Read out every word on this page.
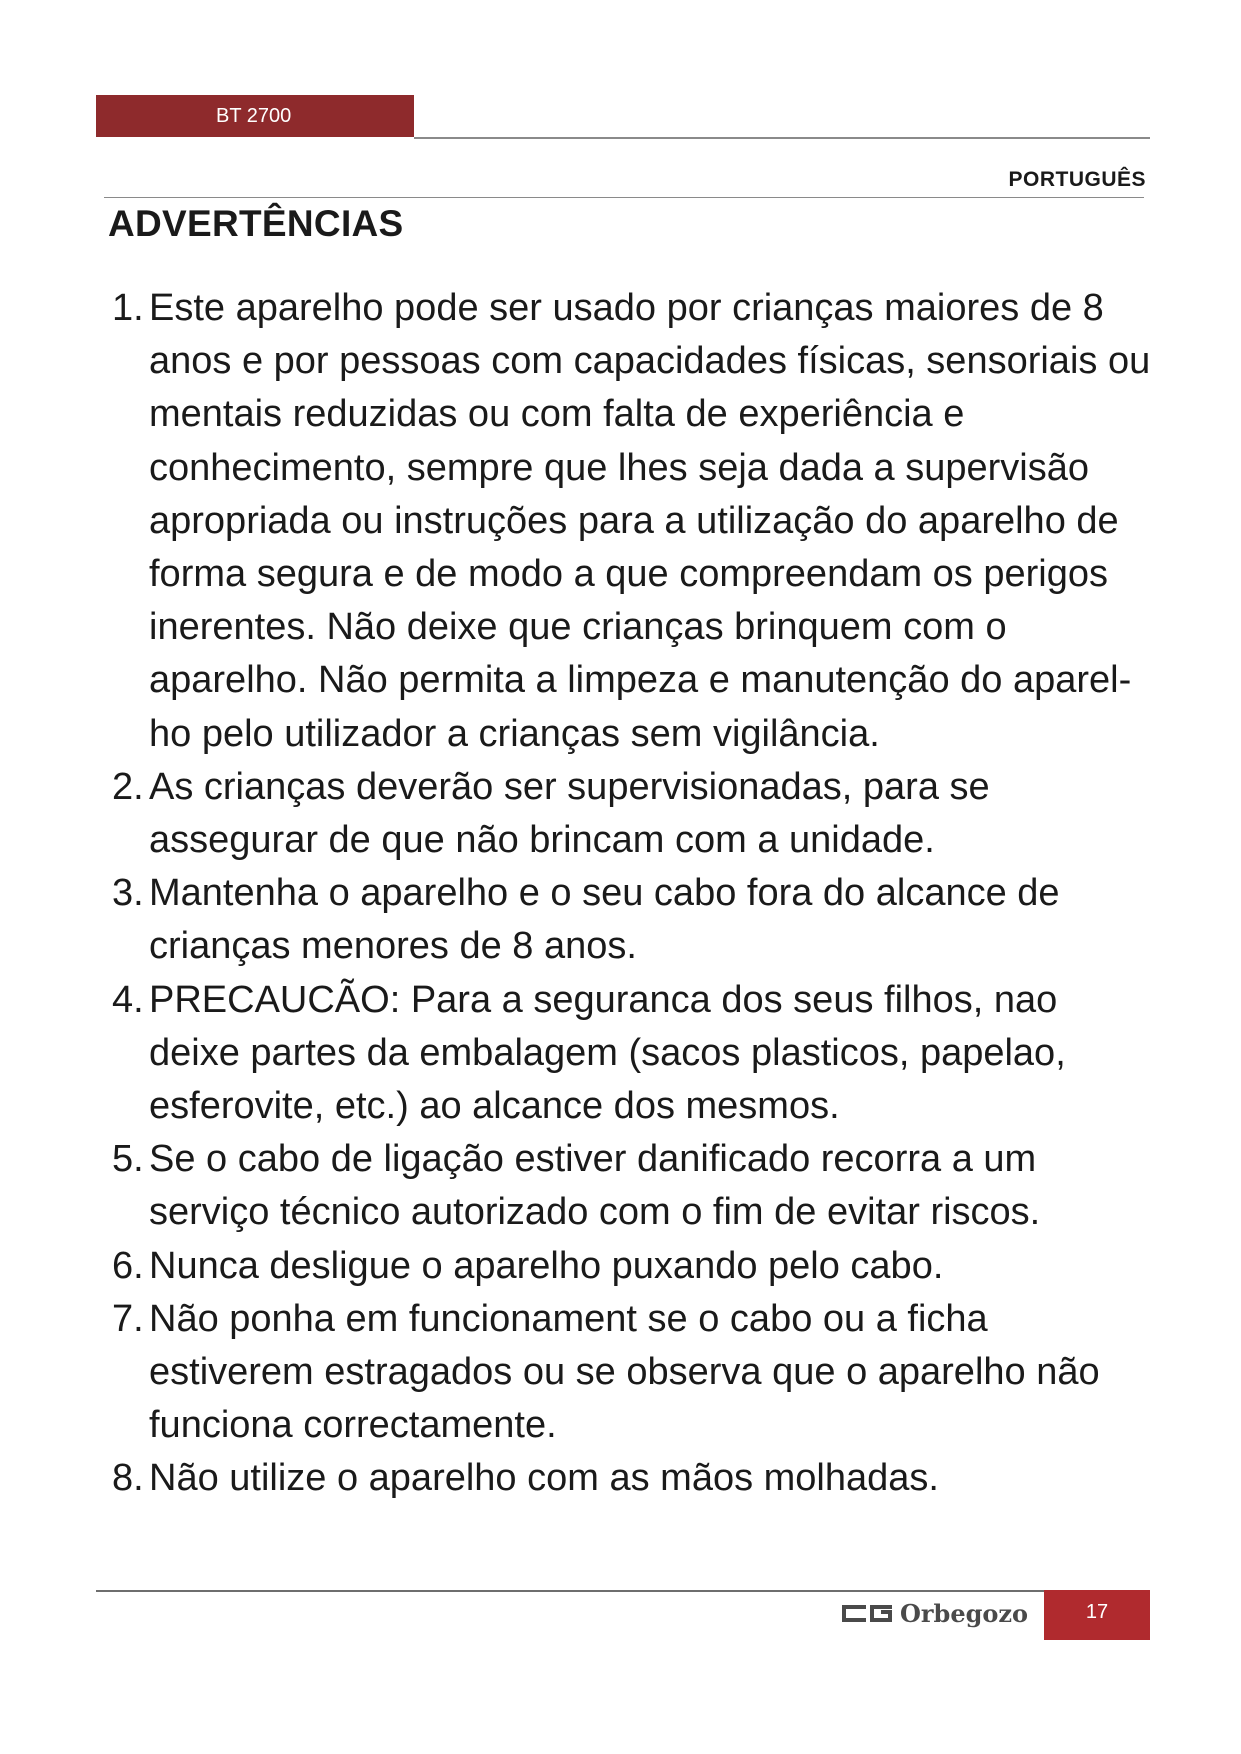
BT 2700
PORTUGUÊS
ADVERTÊNCIAS
1. Este aparelho pode ser usado por crianças maiores de 8 anos e por pessoas com capacidades físicas, sensoriais ou mentais reduzidas ou com falta de experiência e conhecimento, sempre que lhes seja dada a supervisão apropriada ou instruções para a utilização do aparelho de forma segura e de modo a que compreendam os perigos inerentes. Não deixe que crianças brinquem com o aparelho. Não permita a limpeza e manutenção do aparel-ho pelo utilizador a crianças sem vigilância.
2. As crianças deverão ser supervisionadas, para se assegurar de que não brincam com a unidade.
3. Mantenha o aparelho e o seu cabo fora do alcance de crianças menores de 8 anos.
4. PRECAUCÃO: Para a seguranca dos seus filhos, nao deixe partes da embalagem (sacos plasticos, papelao, esferovite, etc.) ao alcance dos mesmos.
5. Se o cabo de ligação estiver danificado recorra a um serviço técnico autorizado com o fim de evitar riscos.
6. Nunca desligue o aparelho puxando pelo cabo.
7. Não ponha em funcionament se o cabo ou a ficha estiverem estragados ou se observa que o aparelho não funciona correctamente.
8. Não utilize o aparelho com as mãos molhadas.
Orbegozo	17
